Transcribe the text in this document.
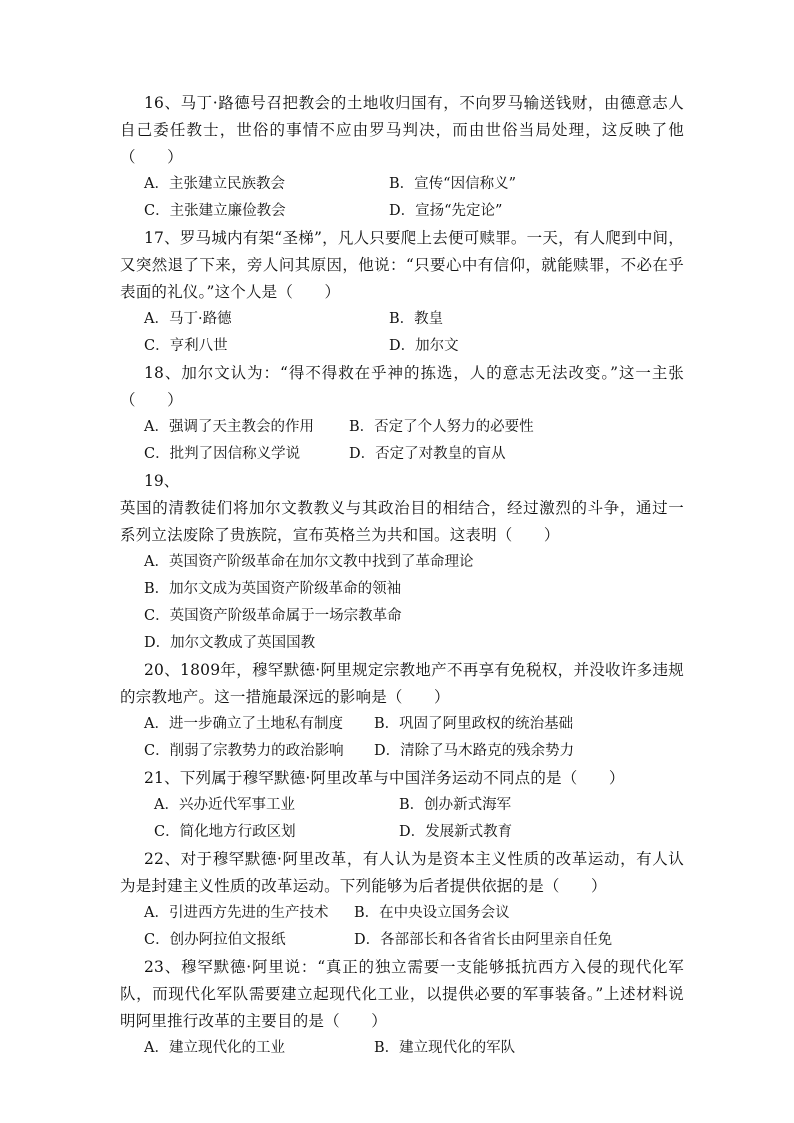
16、马丁·路德号召把教会的土地收归国有，不向罗马输送钱财，由德意志人自己委任教士，世俗的事情不应由罗马判决，而由世俗当局处理，这反映了他（　　）

A．主张建立民族教会	B．宣传“因信称义”
C．主张建立廉俭教会	D．宣扬“先定论”

17、罗马城内有架“圣梯”，凡人只要爬上去便可赎罪。一天，有人爬到中间，又突然退了下来，旁人问其原因，他说：“只要心中有信仰，就能赎罪，不必在乎表面的礼仪。”这个人是（　　）

A．马丁·路德	B．教皇
C．亨利八世	D．加尔文

18、加尔文认为：“得不得救在乎神的拣选，人的意志无法改变。”这一主张（　　）

A．强调了天主教会的作用	B．否定了个人努力的必要性
C．批判了因信称义学说	D．否定了对教皇的盲从

19、

英国的清教徒们将加尔文教教义与其政治目的相结合，经过激烈的斗争，通过一系列立法废除了贵族院，宣布英格兰为共和国。这表明（　　）

A．英国资产阶级革命在加尔文教中找到了革命理论
B．加尔文成为英国资产阶级革命的领袖
C．英国资产阶级革命属于一场宗教革命
D．加尔文教成了英国国教

20、1809年，穆罕默德·阿里规定宗教地产不再享有免税权，并没收许多违规的宗教地产。这一措施最深远的影响是（　　）

A．进一步确立了土地私有制度	B．巩固了阿里政权的统治基础
C．削弱了宗教势力的政治影响	D．清除了马木路克的残余势力

21、下列属于穆罕默德·阿里改革与中国洋务运动不同点的是（　　）

A．兴办近代军事工业	B．创办新式海军
C．简化地方行政区划	D．发展新式教育

22、对于穆罕默德·阿里改革，有人认为是资本主义性质的改革运动，有人认为是封建主义性质的改革运动。下列能够为后者提供依据的是（　　）

A．引进西方先进的生产技术	B．在中央设立国务会议
C．创办阿拉伯文报纸	D．各部部长和各省省长由阿里亲自任免

23、穆罕默德·阿里说：“真正的独立需要一支能够抵抗西方入侵的现代化军队，而现代化军队需要建立起现代化工业，以提供必要的军事装备。”上述材料说明阿里推行改革的主要目的是（　　）

A．建立现代化的工业	B．建立现代化的军队
